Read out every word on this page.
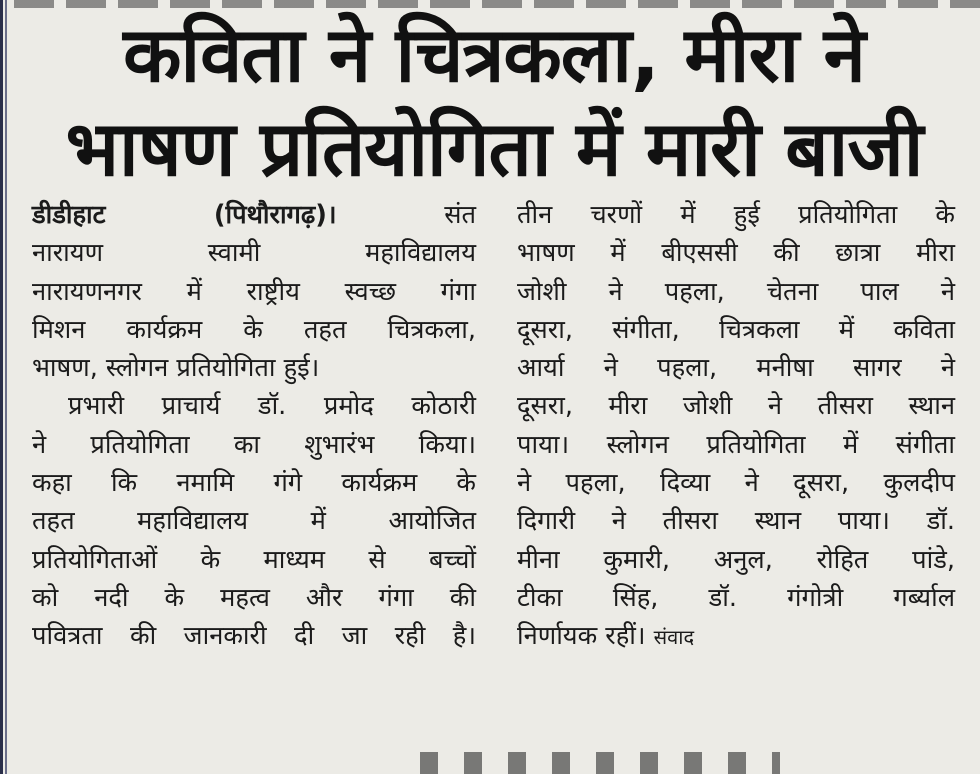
कविता ने चित्रकला, मीरा ने
भाषण प्रतियोगिता में मारी बाजी
डीडीहाट (पिथौरागढ़)।	संत
नारायण स्वामी महाविद्यालय
नारायणनगर में राष्ट्रीय स्वच्छ गंगा
मिशन कार्यक्रम के तहत चित्रकला,
भाषण, स्लोगन प्रतियोगिता हुई।
प्रभारी प्राचार्य डॉ. प्रमोद कोठारी
ने प्रतियोगिता का शुभारंभ किया।
कहा कि नमामि गंगे कार्यक्रम के
तहत महाविद्यालय में आयोजित
प्रतियोगिताओं के माध्यम से बच्चों
को नदी के महत्व और गंगा की
पवित्रता की जानकारी दी जा रही है।
तीन चरणों में हुई प्रतियोगिता के
भाषण में बीएससी की छात्रा मीरा
जोशी ने पहला, चेतना पाल ने
दूसरा, संगीता, चित्रकला में कविता
आर्या ने पहला, मनीषा सागर ने
दूसरा, मीरा जोशी ने तीसरा स्थान
पाया। स्लोगन प्रतियोगिता में संगीता
ने पहला, दिव्या ने दूसरा, कुलदीप
दिगारी ने तीसरा स्थान पाया। डॉ.
मीना कुमारी, अनुल, रोहित पांडे,
टीका सिंह, डॉ. गंगोत्री गर्ब्याल
निर्णायक रहीं। संवाद
